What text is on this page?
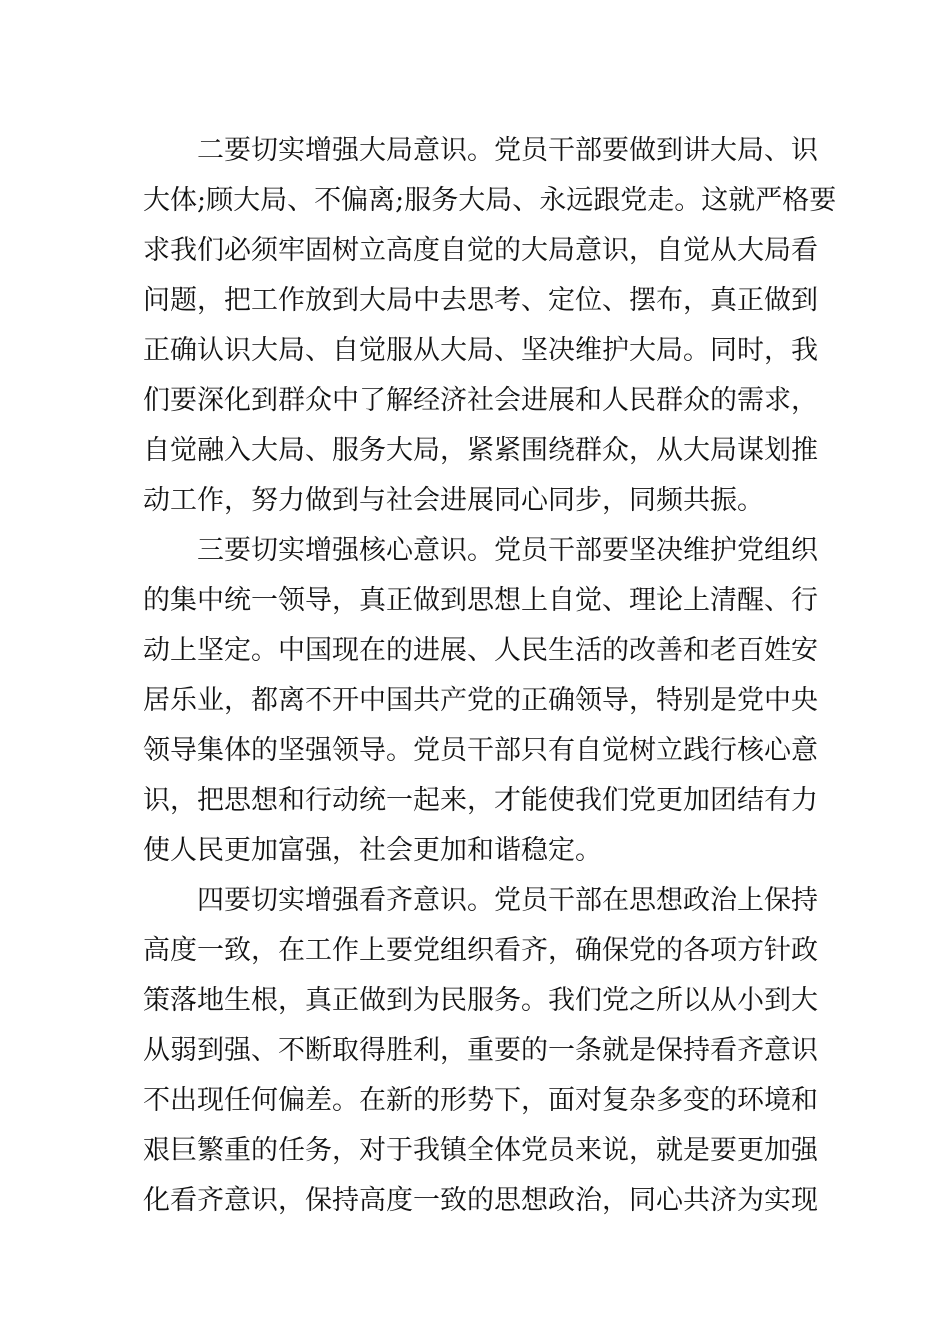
二要切实增强大局意识。党员干部要做到讲大局、识
大体;顾大局、不偏离;服务大局、永远跟党走。这就严格要
求我们必须牢固树立高度自觉的大局意识，自觉从大局看
问题，把工作放到大局中去思考、定位、摆布，真正做到
正确认识大局、自觉服从大局、坚决维护大局。同时，我
们要深化到群众中了解经济社会进展和人民群众的需求，
自觉融入大局、服务大局，紧紧围绕群众，从大局谋划推
动工作，努力做到与社会进展同心同步，同频共振。
三要切实增强核心意识。党员干部要坚决维护党组织
的集中统一领导，真正做到思想上自觉、理论上清醒、行
动上坚定。中国现在的进展、人民生活的改善和老百姓安
居乐业，都离不开中国共产党的正确领导，特别是党中央
领导集体的坚强领导。党员干部只有自觉树立践行核心意
识，把思想和行动统一起来，才能使我们党更加团结有力
使人民更加富强，社会更加和谐稳定。
四要切实增强看齐意识。党员干部在思想政治上保持
高度一致，在工作上要党组织看齐，确保党的各项方针政
策落地生根，真正做到为民服务。我们党之所以从小到大
从弱到强、不断取得胜利，重要的一条就是保持看齐意识
不出现任何偏差。在新的形势下，面对复杂多变的环境和
艰巨繁重的任务，对于我镇全体党员来说，就是要更加强
化看齐意识，保持高度一致的思想政治，同心共济为实现
